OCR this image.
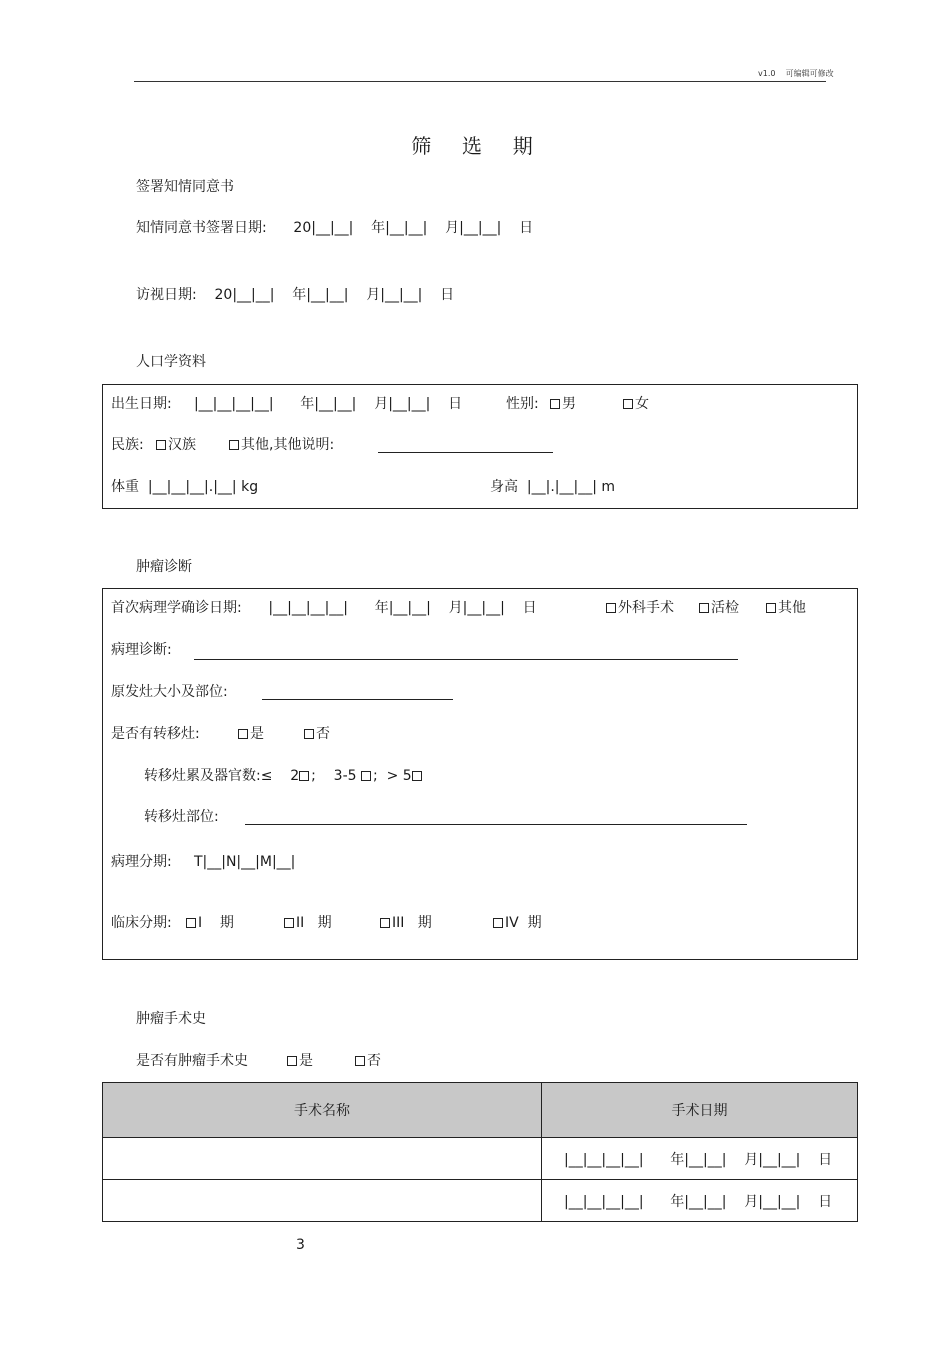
v1.0    可编辑可修改
筛  选  期
签署知情同意书
知情同意书签署日期:      20|__|__|    年|__|__|    月|__|__|    日
访视日期:    20|__|__|    年|__|__|    月|__|__|    日
人口学资料
出生日期:     |__|__|__|__|      年|__|__|    月|__|__|    日	性别:	男	女
民族:	汉族	其他,其他说明:
体重  |__|__|__|.|__| kg	身高  |__|.|__|__| m
肿瘤诊断
首次病理学确诊日期:      |__|__|__|__|      年|__|__|    月|__|__|    日	外科手术	活检	其他
病理诊断:
原发灶大小及部位:
是否有转移灶:	是	否
转移灶累及器官数:≤    2 ;    3-5 ;  > 5
转移灶部位:
病理分期:     T|__|N|__|M|__|
临床分期:	I    期	II   期	III   期	IV  期
肿瘤手术史
是否有肿瘤手术史	是	否
手术名称	手术日期
	|__|__|__|__|      年|__|__|    月|__|__|    日
	|__|__|__|__|      年|__|__|    月|__|__|    日
3
